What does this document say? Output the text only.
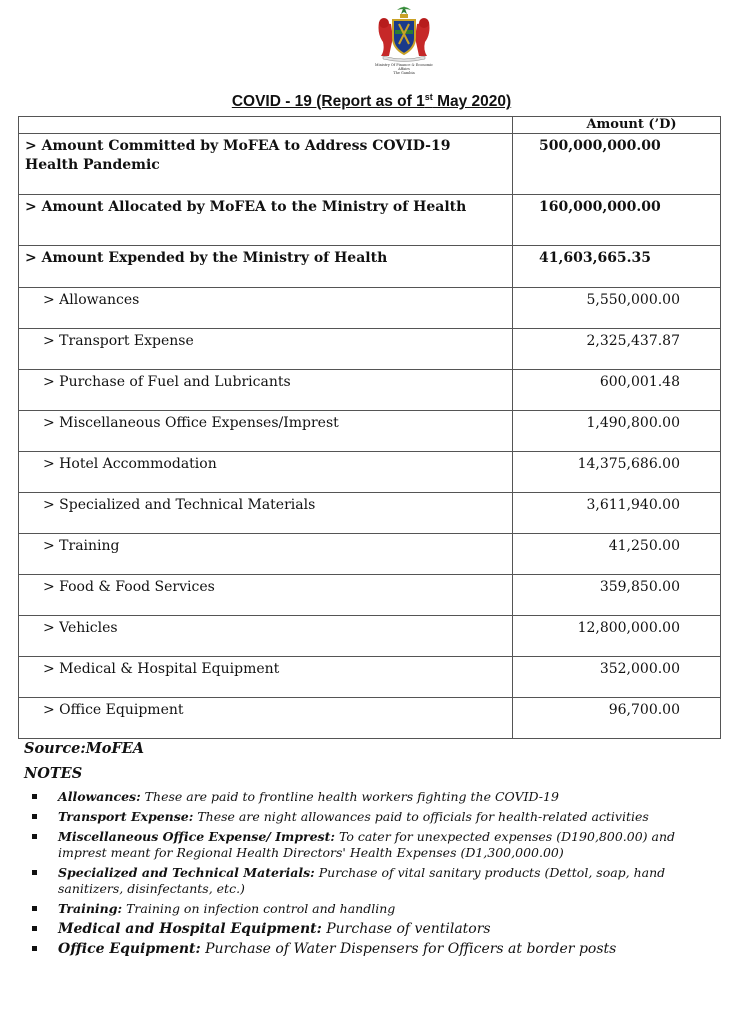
Ministry Of Finance & Economic Affairs
The Gambia
COVID - 19 (Report as of 1st May 2020)
	Amount (’D)
> Amount Committed by MoFEA to Address COVID-19 Health Pandemic	500,000,000.00
> Amount Allocated by MoFEA to the Ministry of Health	160,000,000.00
> Amount Expended by the Ministry of Health	41,603,665.35
> Allowances	5,550,000.00
> Transport Expense	2,325,437.87
> Purchase of Fuel and Lubricants	600,001.48
> Miscellaneous Office Expenses/Imprest	1,490,800.00
> Hotel Accommodation	14,375,686.00
> Specialized and Technical Materials	3,611,940.00
> Training	41,250.00
> Food & Food Services	359,850.00
> Vehicles	12,800,000.00
> Medical & Hospital Equipment	352,000.00
> Office Equipment	96,700.00
Source:MoFEA
NOTES
Allowances: These are paid to frontline health workers fighting the COVID-19
Transport Expense: These are night allowances paid to officials for health-related activities
Miscellaneous Office Expense/ Imprest: To cater for unexpected expenses (D190,800.00) and imprest meant for Regional Health Directors' Health Expenses (D1,300,000.00)
Specialized and Technical Materials: Purchase of vital sanitary products (Dettol, soap, hand sanitizers, disinfectants, etc.)
Training: Training on infection control and handling
Medical and Hospital Equipment: Purchase of ventilators
Office Equipment: Purchase of Water Dispensers for Officers at border posts
